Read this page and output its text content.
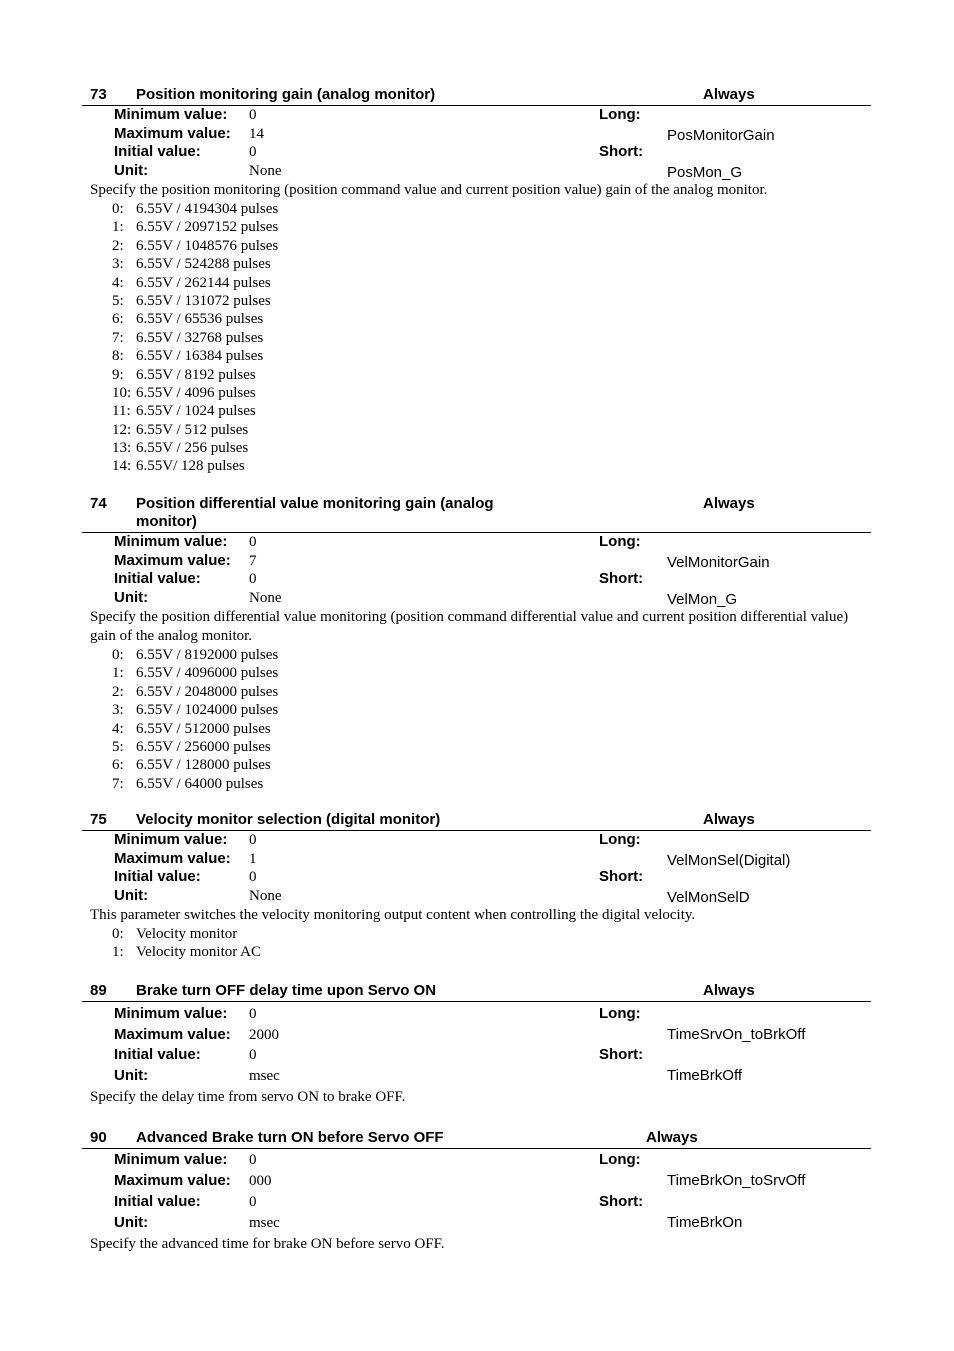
73 Position monitoring gain (analog monitor)	Always
Minimum value: 0
Maximum value: 14
Initial value:	0
Unit:	None
Long:
PosMonitorGain
Short:
PosMon_G
Specify the position monitoring (position command value and current position value) gain of the analog monitor.
0: 6.55V / 4194304 pulses
1: 6.55V / 2097152 pulses
2: 6.55V / 1048576 pulses
3: 6.55V / 524288 pulses
4: 6.55V / 262144 pulses
5: 6.55V / 131072 pulses
6: 6.55V / 65536 pulses
7: 6.55V / 32768 pulses
8: 6.55V / 16384 pulses
9: 6.55V / 8192 pulses
10: 6.55V / 4096 pulses
11: 6.55V / 1024 pulses
12: 6.55V / 512 pulses
13: 6.55V / 256 pulses
14: 6.55V/ 128 pulses
74 Position differential value monitoring gain (analog monitor)
Always
Minimum value: 0
Maximum value: 7
Initial value:	0
Unit:	None
Long:
VelMonitorGain
Short:
VelMon_G
Specify the position differential value monitoring (position command differential value and current position differential value) gain of the analog monitor.
0: 6.55V / 8192000 pulses
1: 6.55V / 4096000 pulses
2: 6.55V / 2048000 pulses
3: 6.55V / 1024000 pulses
4: 6.55V / 512000 pulses
5: 6.55V / 256000 pulses
6: 6.55V / 128000 pulses
7: 6.55V / 64000 pulses
75 Velocity monitor selection (digital monitor)	Always
Minimum value: 0
Maximum value: 1
Initial value:	0
Unit:	None
Long:
VelMonSel(Digital)
Short:
VelMonSelD
This parameter switches the velocity monitoring output content when controlling the digital velocity.
0: Velocity monitor
1: Velocity monitor AC
89 Brake turn OFF delay time upon Servo ON	Always
Minimum value: 0
Maximum value: 2000
Initial value:	0
Unit:	msec
Long:
TimeSrvOn_toBrkOff
Short:
TimeBrkOff
Specify the delay time from servo ON to brake OFF.
90 Advanced Brake turn ON before Servo OFF	Always
Minimum value: 0
Maximum value: 000
Initial value:	0
Unit:	msec
Long:
TimeBrkOn_toSrvOff
Short:
TimeBrkOn
Specify the advanced time for brake ON before servo OFF.
